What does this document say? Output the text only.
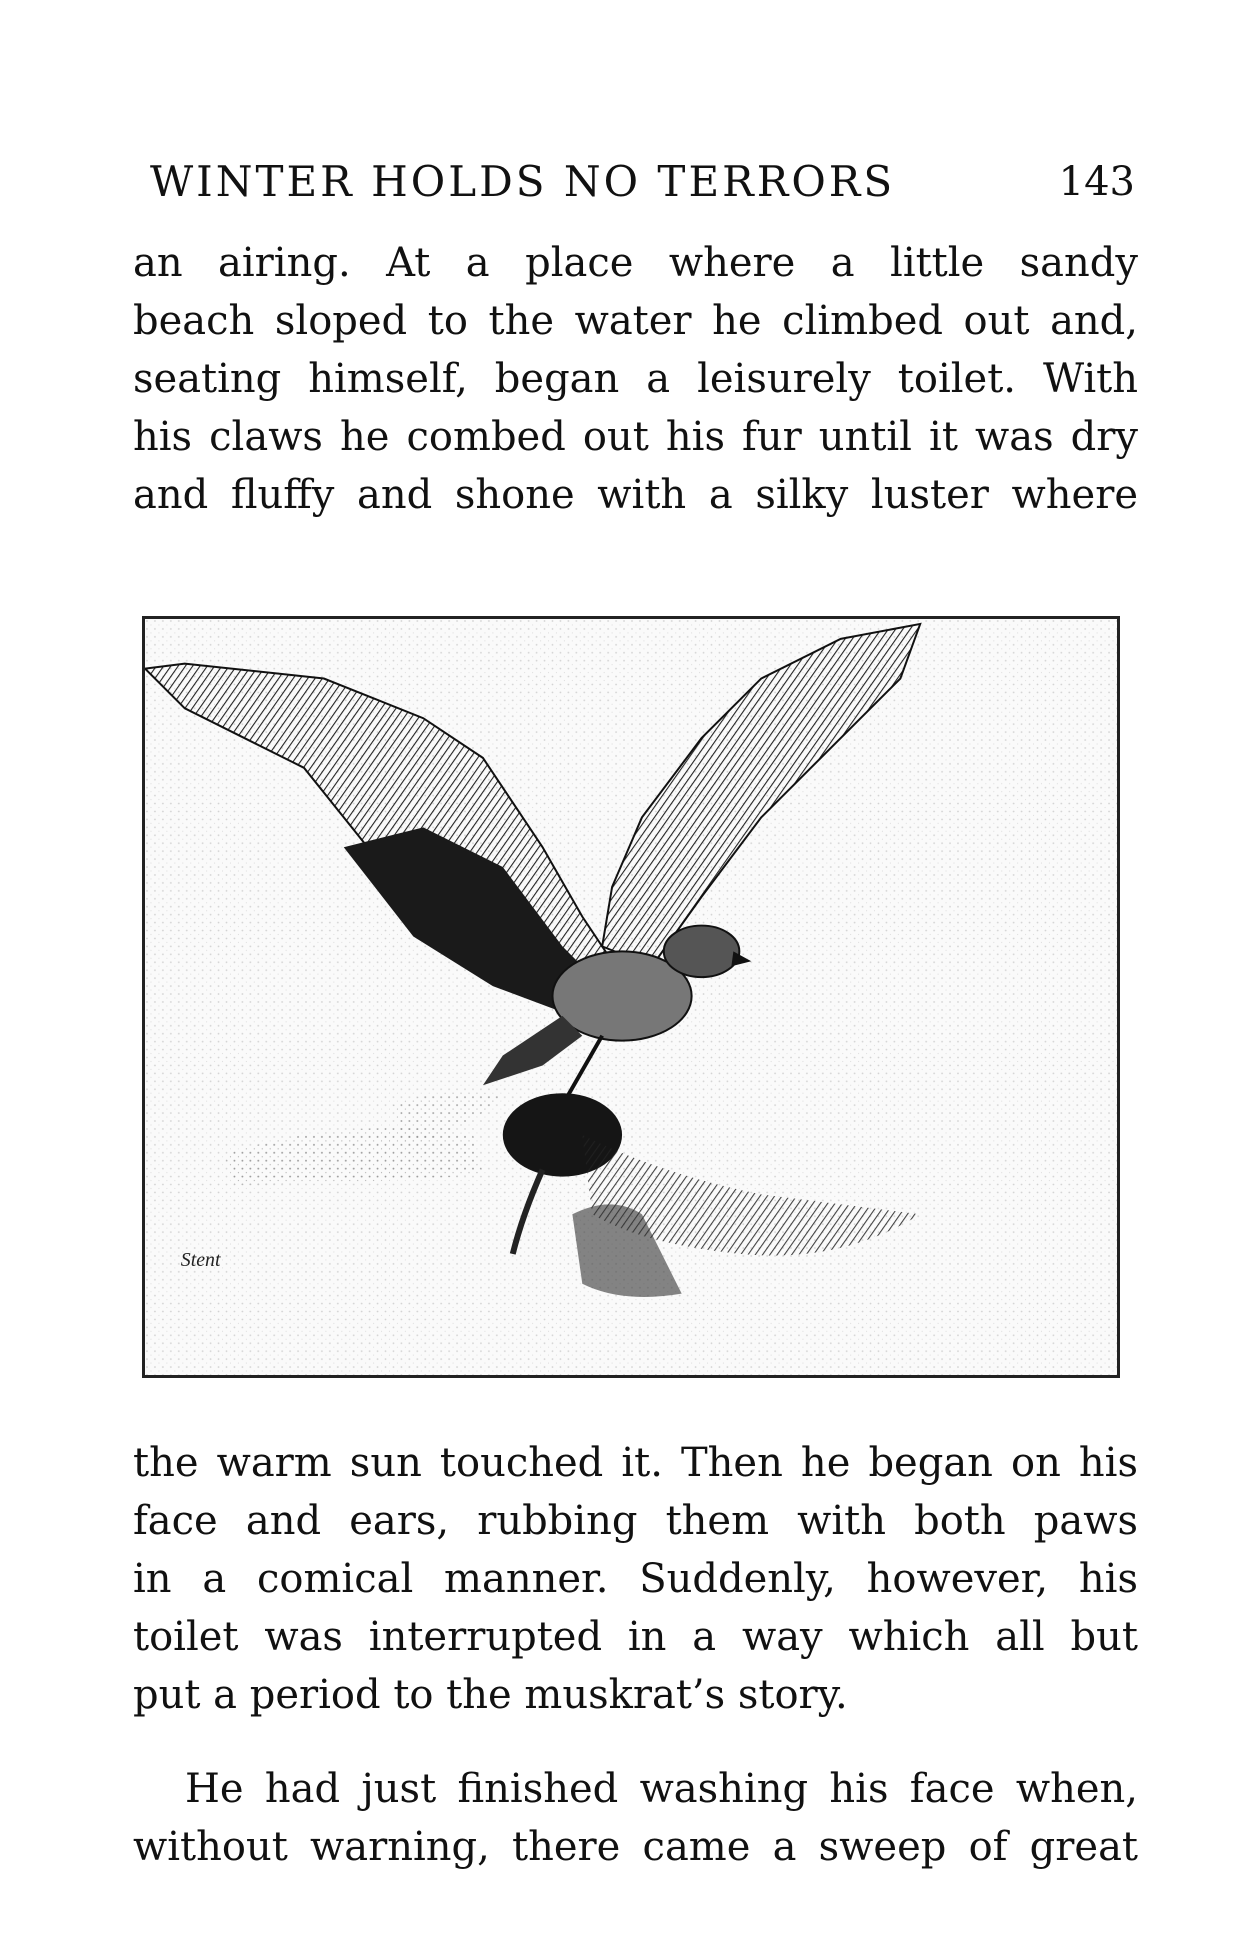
WINTER HOLDS NO TERRORS	143

an airing. At a place where a little sandy
beach sloped to the water he climbed out and,
seating himself, began a leisurely toilet. With
his claws he combed out his fur until it was dry
and fluffy and shone with a silky luster where

Stent

the warm sun touched it. Then he began on his
face and ears, rubbing them with both paws
in a comical manner. Suddenly, however, his
toilet was interrupted in a way which all but
put a period to the muskrat’s story.

He had just finished washing his face when,
without warning, there came a sweep of great
